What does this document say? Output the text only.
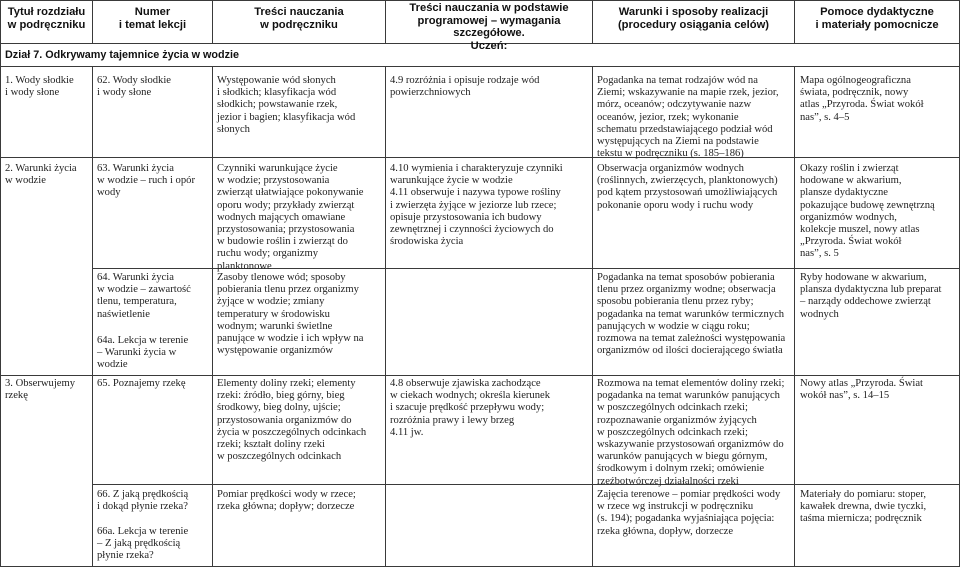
Tytuł rozdziału
w podręczniku
Numer
i temat lekcji
Treści nauczania
w podręczniku
Treści nauczania w podstawie
programowej – wymagania szczegółowe.
Uczeń:
Warunki i sposoby realizacji
(procedury osiągania celów)
Pomoce dydaktyczne
i materiały pomocnicze
Dział 7. Odkrywamy tajemnice życia w wodzie
1. Wody słodkie
i wody słone
2. Warunki życia
w wodzie
3. Obserwujemy
rzekę
62. Wody słodkie
i wody słone
63. Warunki życia
w wodzie – ruch i opór
wody
64. Warunki życia
w wodzie – zawartość
tlenu, temperatura,
naświetlenie
64a. Lekcja w terenie
– Warunki życia w
wodzie
65. Poznajemy rzekę
66. Z jaką prędkością
i dokąd płynie rzeka?
66a. Lekcja w terenie
– Z jaką prędkością
płynie rzeka?
Występowanie wód słonych
i słodkich; klasyfikacja wód
słodkich; powstawanie rzek,
jezior i bagien; klasyfikacja wód
słonych
Czynniki warunkujące życie
w wodzie; przystosowania
zwierząt ułatwiające pokonywanie
oporu wody; przykłady zwierząt
wodnych mających omawiane
przystosowania; przystosowania
w budowie roślin i zwierząt do
ruchu wody; organizmy
planktonowe
Zasoby tlenowe wód; sposoby
pobierania tlenu przez organizmy
żyjące w wodzie; zmiany
temperatury w środowisku
wodnym; warunki świetlne
panujące w wodzie i ich wpływ na
występowanie organizmów
Elementy doliny rzeki; elementy
rzeki: źródło, bieg górny, bieg
środkowy, bieg dolny, ujście;
przystosowania organizmów do
życia w poszczególnych odcinkach
rzeki; kształt doliny rzeki
w poszczególnych odcinkach
Pomiar prędkości wody w rzece;
rzeka główna; dopływ; dorzecze
4.9 rozróżnia i opisuje rodzaje wód
powierzchniowych
4.10 wymienia i charakteryzuje czynniki
warunkujące życie w wodzie
4.11 obserwuje i nazywa typowe rośliny
i zwierzęta żyjące w jeziorze lub rzece;
opisuje przystosowania ich budowy
zewnętrznej i czynności życiowych do
środowiska życia
4.8 obserwuje zjawiska zachodzące
w ciekach wodnych; określa kierunek
i szacuje prędkość przepływu wody;
rozróżnia prawy i lewy brzeg
4.11 jw.
Pogadanka na temat rodzajów wód na
Ziemi; wskazywanie na mapie rzek, jezior,
mórz, oceanów; odczytywanie nazw
oceanów, jezior, rzek; wykonanie
schematu przedstawiającego podział wód
występujących na Ziemi na podstawie
tekstu w podręczniku (s. 185–186)
Obserwacja organizmów wodnych
(roślinnych, zwierzęcych, planktonowych)
pod kątem przystosowań umożliwiających
pokonanie oporu wody i ruchu wody
Pogadanka na temat sposobów pobierania
tlenu przez organizmy wodne; obserwacja
sposobu pobierania tlenu przez ryby;
pogadanka na temat warunków termicznych
panujących w wodzie w ciągu roku;
rozmowa na temat zależności występowania
organizmów od ilości docierającego światła
Rozmowa na temat elementów doliny rzeki;
pogadanka na temat warunków panujących
w poszczególnych odcinkach rzeki;
rozpoznawanie organizmów żyjących
w poszczególnych odcinkach rzeki;
wskazywanie przystosowań organizmów do
warunków panujących w biegu górnym,
środkowym i dolnym rzeki; omówienie
rzeźbotwórczej działalności rzeki
Zajęcia terenowe – pomiar prędkości wody
w rzece wg instrukcji w podręczniku
(s. 194); pogadanka wyjaśniająca pojęcia:
rzeka główna, dopływ, dorzecze
Mapa ogólnogeograficzna
świata, podręcznik, nowy
atlas „Przyroda. Świat wokół
nas”, s. 4–5
Okazy roślin i zwierząt
hodowane w akwarium,
plansze dydaktyczne
pokazujące budowę zewnętrzną
organizmów wodnych,
kolekcje muszel, nowy atlas
„Przyroda. Świat wokół
nas”, s. 5
Ryby hodowane w akwarium,
plansza dydaktyczna lub preparat
– narządy oddechowe zwierząt
wodnych
Nowy atlas „Przyroda. Świat
wokół nas”, s. 14–15
Materiały do pomiaru: stoper,
kawałek drewna, dwie tyczki,
taśma miernicza; podręcznik
